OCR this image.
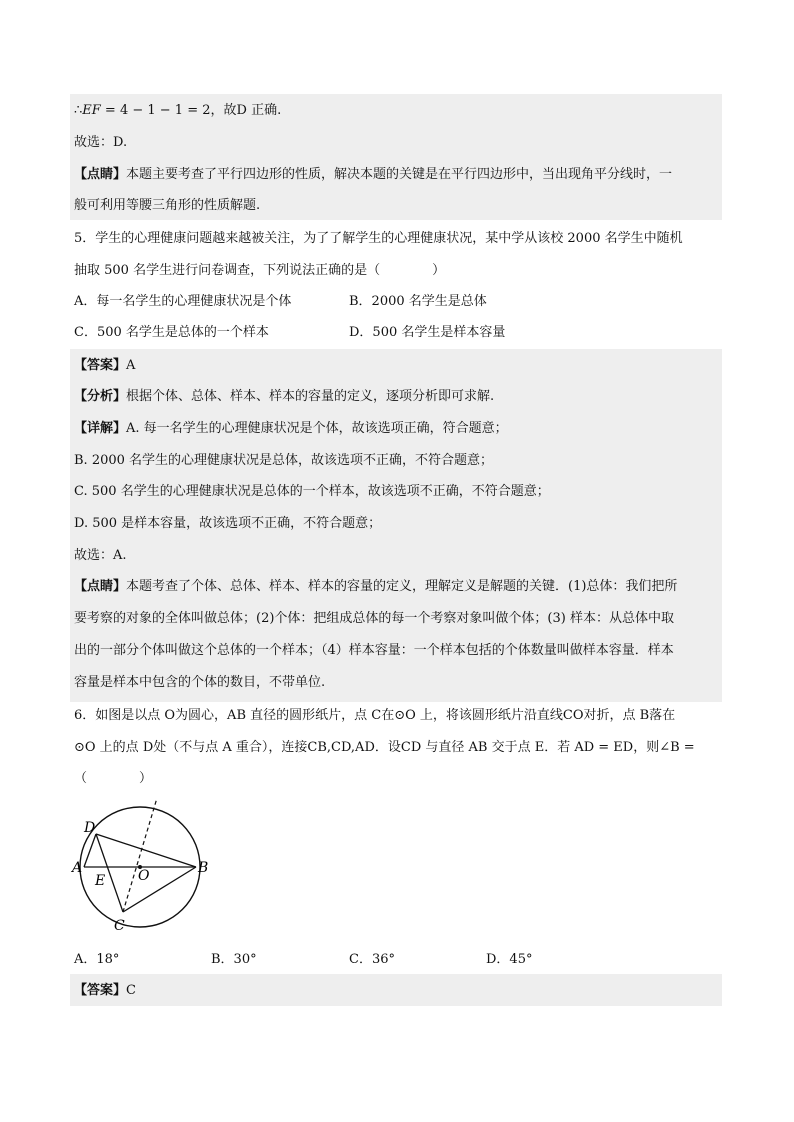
∴EF = 4 − 1 − 1 = 2，故D 正确.
故选：D.
【点睛】本题主要考查了平行四边形的性质，解决本题的关键是在平行四边形中，当出现角平分线时，一
般可利用等腰三角形的性质解题.
5．学生的心理健康问题越来越被关注，为了了解学生的心理健康状况，某中学从该校 2000 名学生中随机
抽取 500 名学生进行问卷调查，下列说法正确的是（　　　　）
A．每一名学生的心理健康状况是个体	B．2000 名学生是总体
C．500 名学生是总体的一个样本	D．500 名学生是样本容量
【答案】A
【分析】根据个体、总体、样本、样本的容量的定义，逐项分析即可求解.
【详解】A. 每一名学生的心理健康状况是个体，故该选项正确，符合题意；
B. 2000 名学生的心理健康状况是总体，故该选项不正确，不符合题意；
C. 500 名学生的心理健康状况是总体的一个样本，故该选项不正确，不符合题意；
D. 500 是样本容量，故该选项不正确，不符合题意；
故选：A.
【点睛】本题考查了个体、总体、样本、样本的容量的定义，理解定义是解题的关键．(1)总体：我们把所
要考察的对象的全体叫做总体；(2)个体：把组成总体的每一个考察对象叫做个体；(3) 样本：从总体中取
出的一部分个体叫做这个总体的一个样本；（4）样本容量：一个样本包括的个体数量叫做样本容量．样本
容量是样本中包含的个体的数目，不带单位.
6．如图是以点 O为圆心，AB 直径的圆形纸片，点 C在⊙O 上，将该圆形纸片沿直线CO对折，点 B落在
⊙O 上的点 D处（不与点 A 重合），连接CB,CD,AD．设CD 与直径 AB 交于点 E．若 AD = ED，则∠B =
（　　　　）
D
A
E O	B
C
A．18°	B．30°	C．36°	D．45°
【答案】C
